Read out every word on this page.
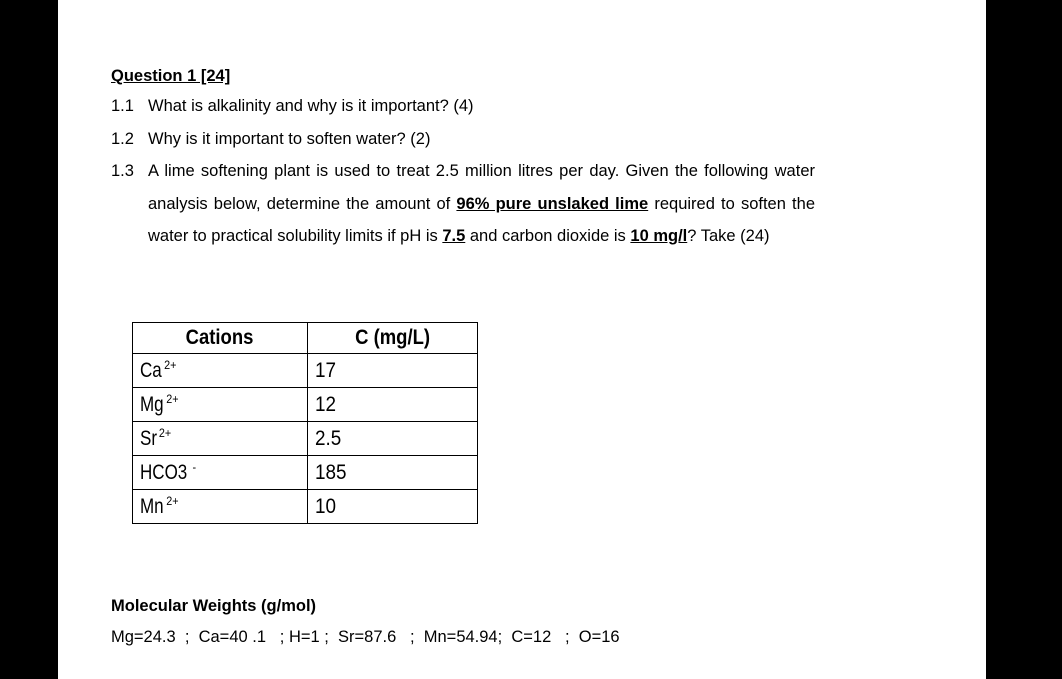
Question 1 [24]
1.1 What is alkalinity and why is it important? (4)
1.2 Why is it important to soften water? (2)
1.3 A lime softening plant is used to treat 2.5 million litres per day. Given the following water analysis below, determine the amount of 96% pure unslaked lime required to soften the water to practical solubility limits if pH is 7.5 and carbon dioxide is 10 mg/l? Take (24)
Cations	C (mg/L)
Ca $^{2+}$	17
Mg $^{2+}$	12
Sr $^{2+}$	2.5
HCO3 -	185
Mn $^{2+}$	10
Molecular Weights (g/mol)
Mg=24.3  ;  Ca=40 .1   ; H=1 ;  Sr=87.6   ;  Mn=54.94;  C=12   ;  O=16
